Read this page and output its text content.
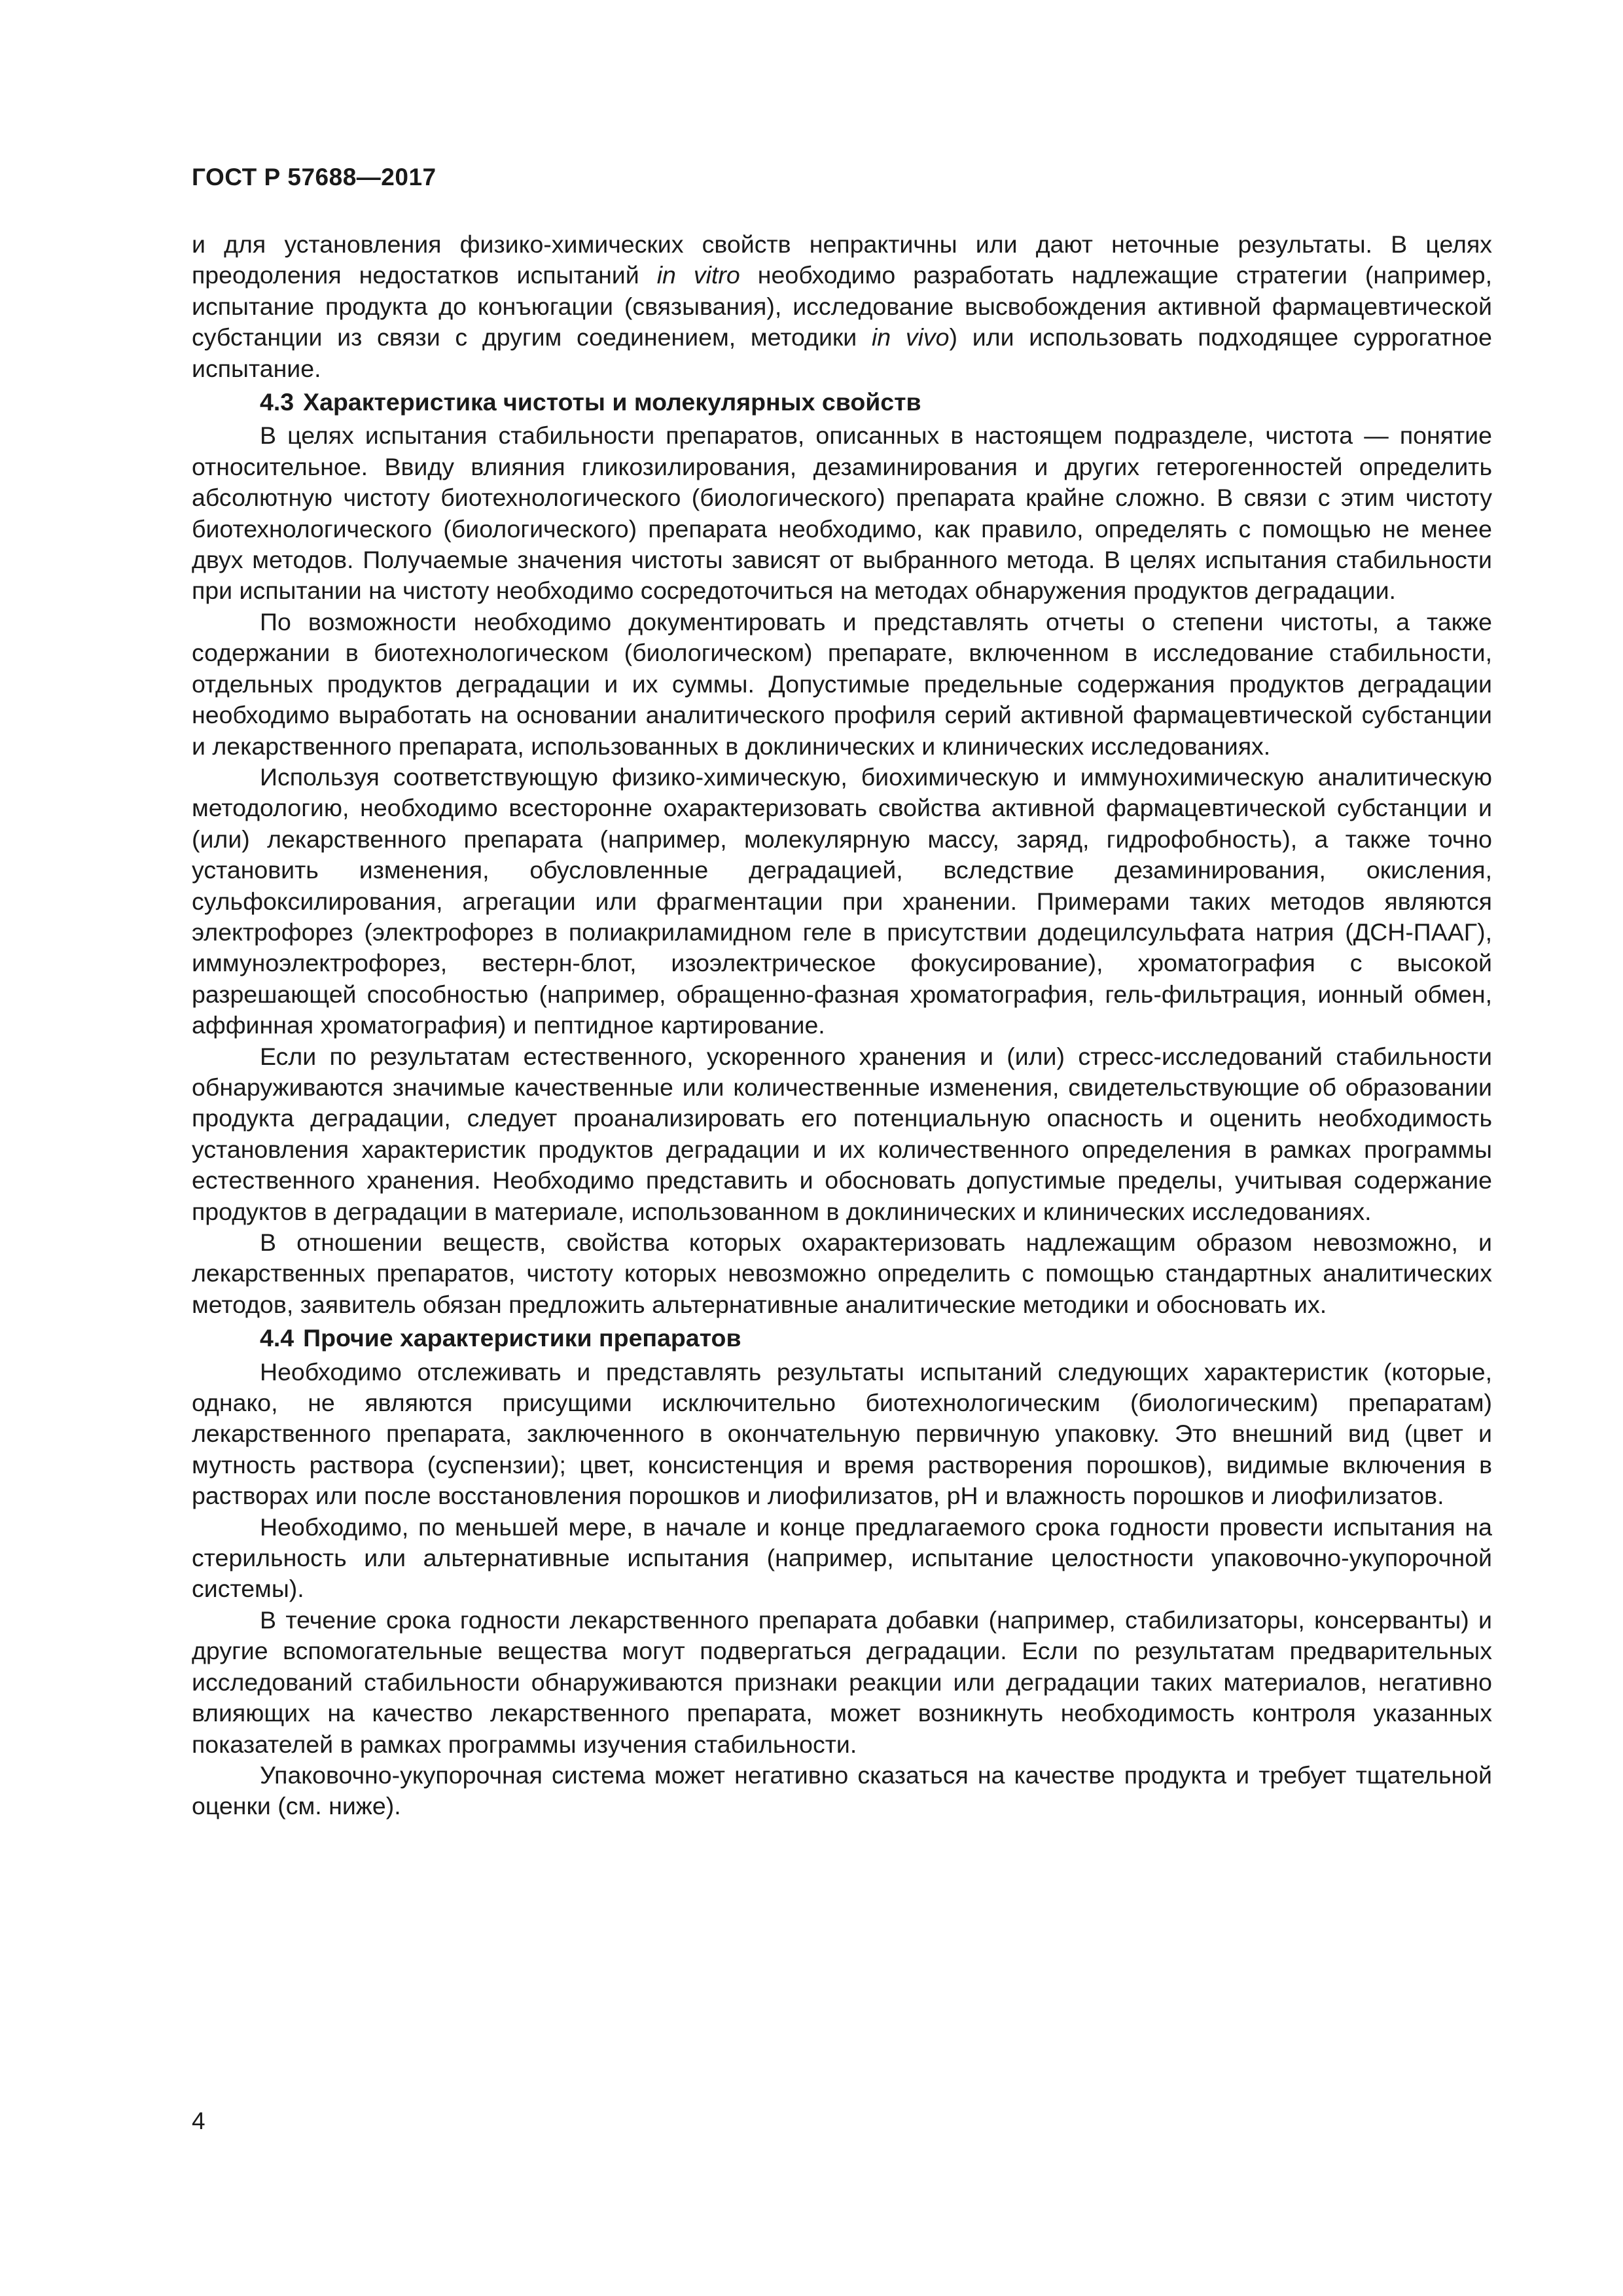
ГОСТ Р 57688—2017

и для установления физико-химических свойств непрактичны или дают неточные результаты. В целях преодоления недостатков испытаний in vitro необходимо разработать надлежащие стратегии (например, испытание продукта до конъюгации (связывания), исследование высвобождения активной фармацевтической субстанции из связи с другим соединением, методики in vivo) или использовать подходящее суррогатное испытание.

4.3 Характеристика чистоты и молекулярных свойств

В целях испытания стабильности препаратов, описанных в настоящем подразделе, чистота — понятие относительное. Ввиду влияния гликозилирования, дезаминирования и других гетерогенностей определить абсолютную чистоту биотехнологического (биологического) препарата крайне сложно. В связи с этим чистоту биотехнологического (биологического) препарата необходимо, как правило, определять с помощью не менее двух методов. Получаемые значения чистоты зависят от выбранного метода. В целях испытания стабильности при испытании на чистоту необходимо сосредоточиться на методах обнаружения продуктов деградации.

По возможности необходимо документировать и представлять отчеты о степени чистоты, а также содержании в биотехнологическом (биологическом) препарате, включенном в исследование стабильности, отдельных продуктов деградации и их суммы. Допустимые предельные содержания продуктов деградации необходимо выработать на основании аналитического профиля серий активной фармацевтической субстанции и лекарственного препарата, использованных в доклинических и клинических исследованиях.

Используя соответствующую физико-химическую, биохимическую и иммунохимическую аналитическую методологию, необходимо всесторонне охарактеризовать свойства активной фармацевтической субстанции и (или) лекарственного препарата (например, молекулярную массу, заряд, гидрофобность), а также точно установить изменения, обусловленные деградацией, вследствие дезаминирования, окисления, сульфоксилирования, агрегации или фрагментации при хранении. Примерами таких методов являются электрофорез (электрофорез в полиакриламидном геле в присутствии додецилсульфата натрия (ДСН-ПААГ), иммуноэлектрофорез, вестерн-блот, изоэлектрическое фокусирование), хроматография с высокой разрешающей способностью (например, обращенно-фазная хроматография, гель-фильтрация, ионный обмен, аффинная хроматография) и пептидное картирование.

Если по результатам естественного, ускоренного хранения и (или) стресс-исследований стабильности обнаруживаются значимые качественные или количественные изменения, свидетельствующие об образовании продукта деградации, следует проанализировать его потенциальную опасность и оценить необходимость установления характеристик продуктов деградации и их количественного определения в рамках программы естественного хранения. Необходимо представить и обосновать допустимые пределы, учитывая содержание продуктов в деградации в материале, использованном в доклинических и клинических исследованиях.

В отношении веществ, свойства которых охарактеризовать надлежащим образом невозможно, и лекарственных препаратов, чистоту которых невозможно определить с помощью стандартных аналитических методов, заявитель обязан предложить альтернативные аналитические методики и обосновать их.

4.4 Прочие характеристики препаратов

Необходимо отслеживать и представлять результаты испытаний следующих характеристик (которые, однако, не являются присущими исключительно биотехнологическим (биологическим) препаратам) лекарственного препарата, заключенного в окончательную первичную упаковку. Это внешний вид (цвет и мутность раствора (суспензии); цвет, консистенция и время растворения порошков), видимые включения в растворах или после восстановления порошков и лиофилизатов, pH и влажность порошков и лиофилизатов.

Необходимо, по меньшей мере, в начале и конце предлагаемого срока годности провести испытания на стерильность или альтернативные испытания (например, испытание целостности упаковочно-укупорочной системы).

В течение срока годности лекарственного препарата добавки (например, стабилизаторы, консерванты) и другие вспомогательные вещества могут подвергаться деградации. Если по результатам предварительных исследований стабильности обнаруживаются признаки реакции или деградации таких материалов, негативно влияющих на качество лекарственного препарата, может возникнуть необходимость контроля указанных показателей в рамках программы изучения стабильности.

Упаковочно-укупорочная система может негативно сказаться на качестве продукта и требует тщательной оценки (см. ниже).

4
